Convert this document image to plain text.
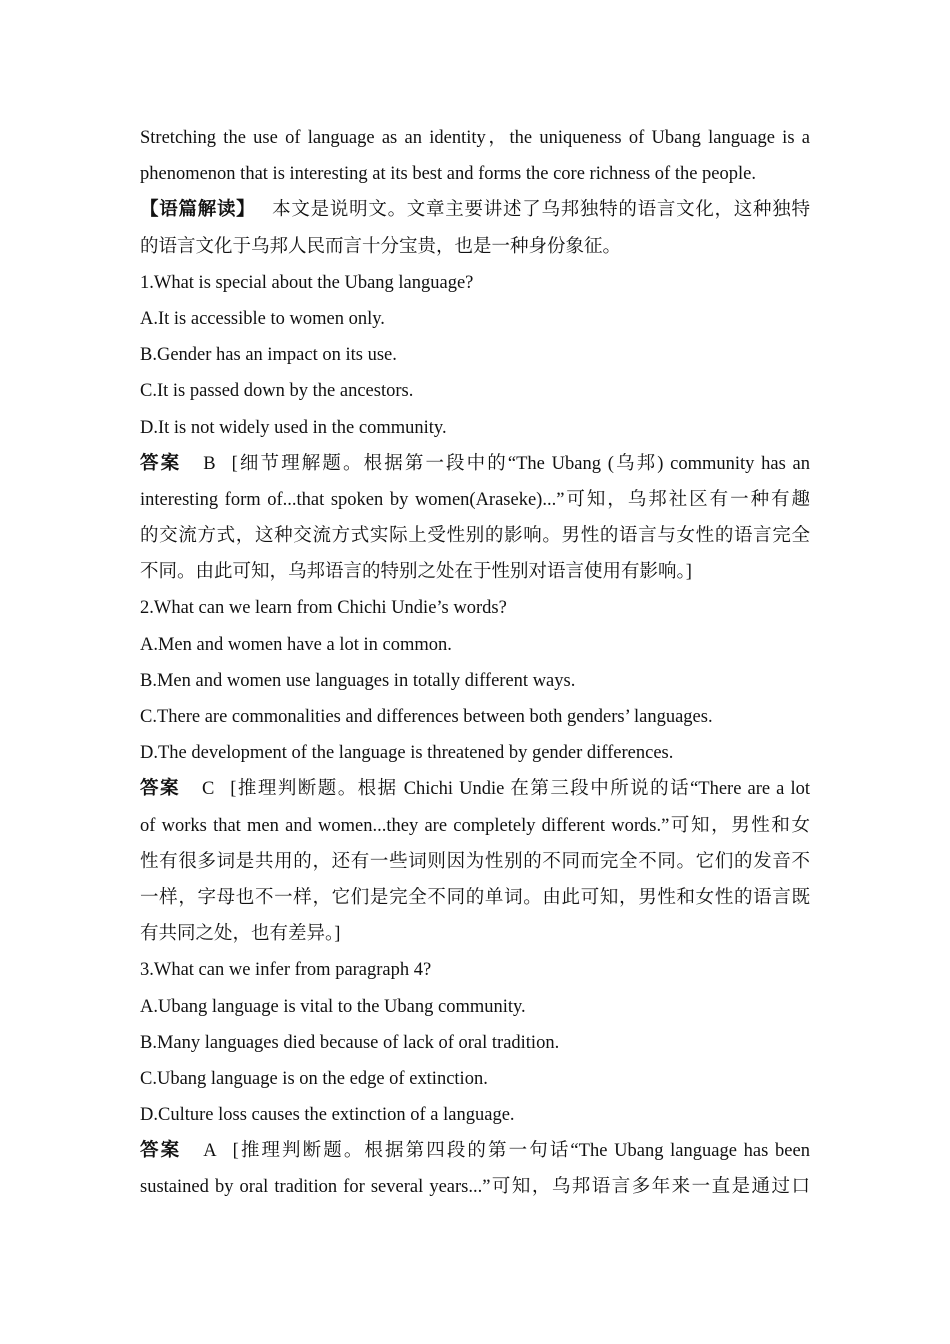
Stretching the use of language as an identity，the uniqueness of Ubang language is a
phenomenon that is interesting at its best and forms the core richness of the people.
【语篇解读】 本文是说明文。文章主要讲述了乌邦独特的语言文化，这种独特
的语言文化于乌邦人民而言十分宝贵，也是一种身份象征。
1.What is special about the Ubang language?
A.It is accessible to women only.
B.Gender has an impact on its use.
C.It is passed down by the ancestors.
D.It is not widely used in the community.
答案 B [细节理解题。根据第一段中的“The Ubang (乌邦) community has an
interesting form of...that spoken by women(Araseke)...”可知，乌邦社区有一种有趣
的交流方式，这种交流方式实际上受性别的影响。男性的语言与女性的语言完全
不同。由此可知，乌邦语言的特别之处在于性别对语言使用有影响。]
2.What can we learn from Chichi Undie’s words?
A.Men and women have a lot in common.
B.Men and women use languages in totally different ways.
C.There are commonalities and differences between both genders’ languages.
D.The development of the language is threatened by gender differences.
答案 C [推理判断题。根据 Chichi Undie 在第三段中所说的话“There are a lot
of works that men and women...they are completely different words.”可知，男性和女
性有很多词是共用的，还有一些词则因为性别的不同而完全不同。它们的发音不
一样，字母也不一样，它们是完全不同的单词。由此可知，男性和女性的语言既
有共同之处，也有差异。]
3.What can we infer from paragraph 4?
A.Ubang language is vital to the Ubang community.
B.Many languages died because of lack of oral tradition.
C.Ubang language is on the edge of extinction.
D.Culture loss causes the extinction of a language.
答案 A [推理判断题。根据第四段的第一句话“The Ubang language has been
sustained by oral tradition for several years...”可知，乌邦语言多年来一直是通过口
